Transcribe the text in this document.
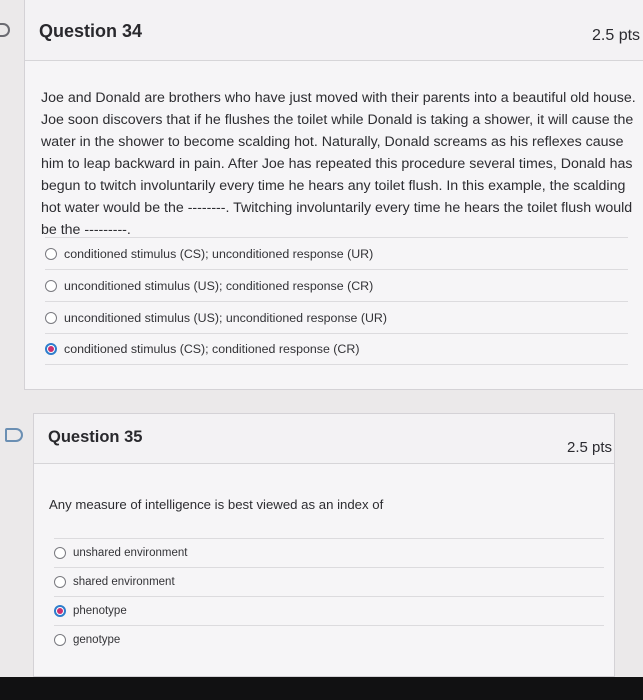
Question 34	2.5 pts
Joe and Donald are brothers who have just moved with their parents into a beautiful old house. Joe soon discovers that if he flushes the toilet while Donald is taking a shower, it will cause the water in the shower to become scalding hot. Naturally, Donald screams as his reflexes cause him to leap backward in pain. After Joe has repeated this procedure several times, Donald has begun to twitch involuntarily every time he hears any toilet flush. In this example, the scalding hot water would be the --------. Twitching involuntarily every time he hears the toilet flush would be the ---------.
conditioned stimulus (CS); unconditioned response (UR)
unconditioned stimulus (US); conditioned response (CR)
unconditioned stimulus (US); unconditioned response (UR)
conditioned stimulus (CS); conditioned response (CR)
Question 35
2.5 pts
Any measure of intelligence is best viewed as an index of
unshared environment
shared environment
phenotype
genotype
